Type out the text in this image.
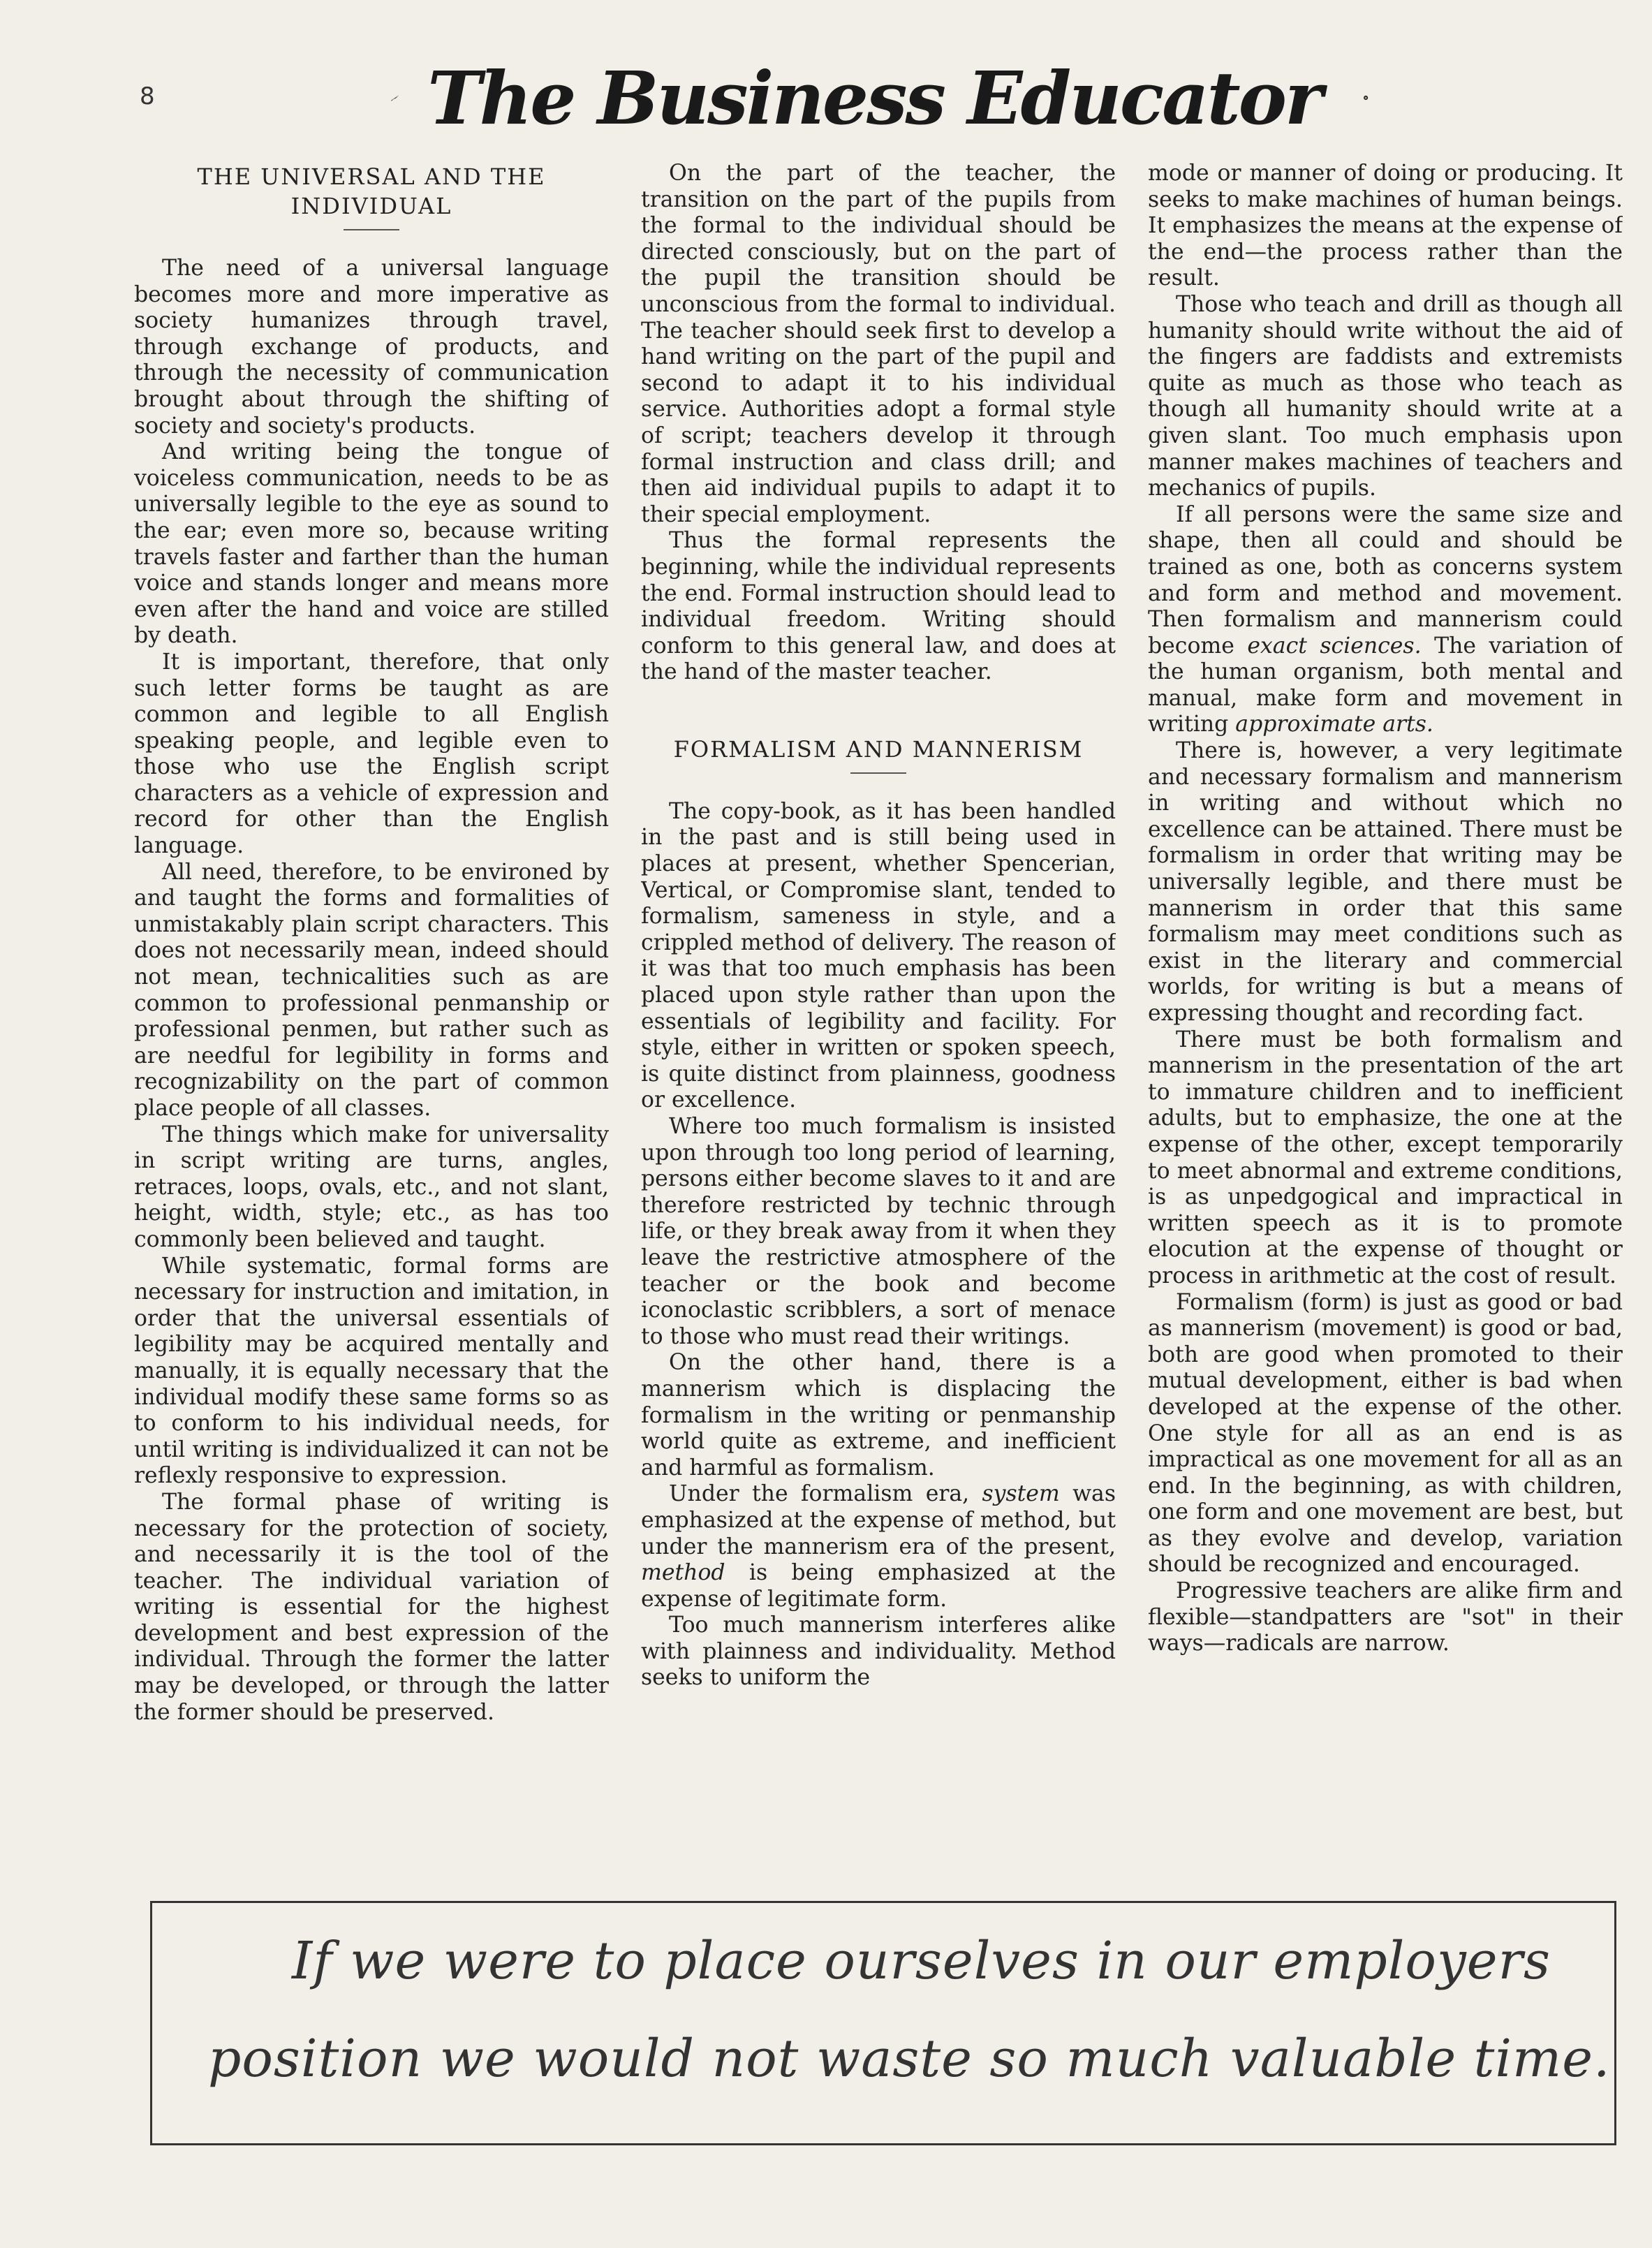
8	The Business Educator
THE UNIVERSAL AND THE INDIVIDUAL

The need of a universal language becomes more and more imperative as society humanizes through travel, through exchange of products, and through the necessity of communication brought about through the shifting of society and society's products.

And writing being the tongue of voiceless communication, needs to be as universally legible to the eye as sound to the ear; even more so, because writing travels faster and farther than the human voice and stands longer and means more even after the hand and voice are stilled by death.

It is important, therefore, that only such letter forms be taught as are common and legible to all English speaking people, and legible even to those who use the English script characters as a vehicle of expression and record for other than the English language.

All need, therefore, to be environed by and taught the forms and formalities of unmistakably plain script characters. This does not necessarily mean, indeed should not mean, technicalities such as are common to professional penmanship or professional penmen, but rather such as are needful for legibility in forms and recognizability on the part of common place people of all classes.

The things which make for universality in script writing are turns, angles, retraces, loops, ovals, etc., and not slant, height, width, style; etc., as has too commonly been believed and taught.

While systematic, formal forms are necessary for instruction and imitation, in order that the universal essentials of legibility may be acquired mentally and manually, it is equally necessary that the individual modify these same forms so as to conform to his individual needs, for until writing is individualized it can not be reflexly responsive to expression.

The formal phase of writing is necessary for the protection of society, and necessarily it is the tool of the teacher. The individual variation of writing is essential for the highest development and best expression of the individual. Through the former the latter may be developed, or through the latter the former should be preserved.

On the part of the teacher, the transition on the part of the pupils from the formal to the individual should be directed consciously, but on the part of the pupil the transition should be unconscious from the formal to individual. The teacher should seek first to develop a hand writing on the part of the pupil and second to adapt it to his individual service. Authorities adopt a formal style of script; teachers develop it through formal instruction and class drill; and then aid individual pupils to adapt it to their special employment.

Thus the formal represents the beginning, while the individual represents the end. Formal instruction should lead to individual freedom. Writing should conform to this general law, and does at the hand of the master teacher.

FORMALISM AND MANNERISM

The copy-book, as it has been handled in the past and is still being used in places at present, whether Spencerian, Vertical, or Compromise slant, tended to formalism, sameness in style, and a crippled method of delivery. The reason of it was that too much emphasis has been placed upon style rather than upon the essentials of legibility and facility. For style, either in written or spoken speech, is quite distinct from plainness, goodness or excellence.

Where too much formalism is insisted upon through too long period of learning, persons either become slaves to it and are therefore restricted by technic through life, or they break away from it when they leave the restrictive atmosphere of the teacher or the book and become iconoclastic scribblers, a sort of menace to those who must read their writings.

On the other hand, there is a mannerism which is displacing the formalism in the writing or penmanship world quite as extreme, and inefficient and harmful as formalism.

Under the formalism era, system was emphasized at the expense of method, but under the mannerism era of the present, method is being emphasized at the expense of legitimate form.

Too much mannerism interferes alike with plainness and individuality. Method seeks to uniform the

mode or manner of doing or producing. It seeks to make machines of human beings. It emphasizes the means at the expense of the end—the process rather than the result.

Those who teach and drill as though all humanity should write without the aid of the fingers are faddists and extremists quite as much as those who teach as though all humanity should write at a given slant. Too much emphasis upon manner makes machines of teachers and mechanics of pupils.

If all persons were the same size and shape, then all could and should be trained as one, both as concerns system and form and method and movement. Then formalism and mannerism could become exact sciences. The variation of the human organism, both mental and manual, make form and movement in writing approximate arts.

There is, however, a very legitimate and necessary formalism and mannerism in writing and without which no excellence can be attained. There must be formalism in order that writing may be universally legible, and there must be mannerism in order that this same formalism may meet conditions such as exist in the literary and commercial worlds, for writing is but a means of expressing thought and recording fact.

There must be both formalism and mannerism in the presentation of the art to immature children and to inefficient adults, but to emphasize, the one at the expense of the other, except temporarily to meet abnormal and extreme conditions, is as unpedgogical and impractical in written speech as it is to promote elocution at the expense of thought or process in arithmetic at the cost of result.

Formalism (form) is just as good or bad as mannerism (movement) is good or bad, both are good when promoted to their mutual development, either is bad when developed at the expense of the other. One style for all as an end is as impractical as one movement for all as an end. In the beginning, as with children, one form and one movement are best, but as they evolve and develop, variation should be recognized and encouraged.

Progressive teachers are alike firm and flexible—standpatters are "sot" in their ways—radicals are narrow.

If we were to place ourselves in our employers
position we would not waste so much valuable time.
